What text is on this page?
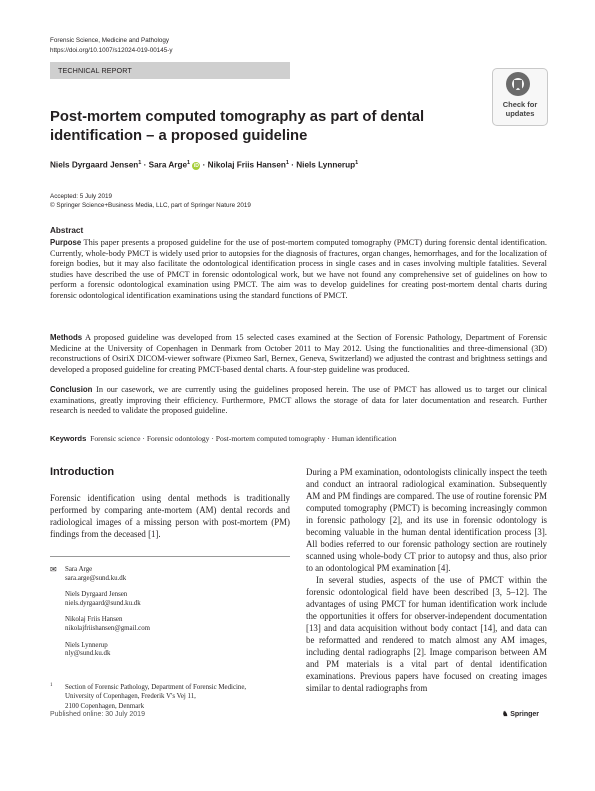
Forensic Science, Medicine and Pathology
https://doi.org/10.1007/s12024-019-00145-y
TECHNICAL REPORT
Check for
updates
Post-mortem computed tomography as part of dental identification – a proposed guideline
Niels Dyrgaard Jensen$^1$ · Sara Arge$^1$ iD · Nikolaj Friis Hansen$^1$ · Niels Lynnerup$^1$
Accepted: 5 July 2019
© Springer Science+Business Media, LLC, part of Springer Nature 2019
Abstract
Purpose This paper presents a proposed guideline for the use of post-mortem computed tomography (PMCT) during forensic dental identification. Currently, whole-body PMCT is widely used prior to autopsies for the diagnosis of fractures, organ changes, hemorrhages, and for the localization of foreign bodies, but it may also facilitate the odontological identification process in single cases and in cases involving multiple fatalities. Several studies have described the use of PMCT in forensic odontological work, but we have not found any comprehensive set of guidelines on how to perform a forensic odontological examination using PMCT. The aim was to develop guidelines for creating post-mortem dental charts during forensic odontological identification examinations using the standard functions of PMCT.
Methods A proposed guideline was developed from 15 selected cases examined at the Section of Forensic Pathology, Department of Forensic Medicine at the University of Copenhagen in Denmark from October 2011 to May 2012. Using the functionalities and three-dimensional (3D) reconstructions of OsiriX DICOM-viewer software (Pixmeo Sarl, Bernex, Geneva, Switzerland) we adjusted the contrast and brightness settings and developed a proposed guideline for creating PMCT-based dental charts. A four-step guideline was produced.
Conclusion In our casework, we are currently using the guidelines proposed herein. The use of PMCT has allowed us to target our clinical examinations, greatly improving their efficiency. Furthermore, PMCT allows the storage of data for later documentation and research. Further research is needed to validate the proposed guideline.
Keywords Forensic science · Forensic odontology · Post-mortem computed tomography · Human identification
Introduction
Forensic identification using dental methods is traditionally performed by comparing ante-mortem (AM) dental records and radiological images of a missing person with post-mortem (PM) findings from the deceased [1].
✉ Sara Arge
sara.arge@sund.ku.dk
Niels Dyrgaard Jensen
niels.dyrgaard@sund.ku.dk
Nikolaj Friis Hansen
nikolajfriishansen@gmail.com
Niels Lynnerup
nly@sund.ku.dk
1 Section of Forensic Pathology, Department of Forensic Medicine,
University of Copenhagen, Frederik V's Vej 11,
2100 Copenhagen, Denmark

During a PM examination, odontologists clinically inspect the teeth and conduct an intraoral radiological examination. Subsequently AM and PM findings are compared. The use of routine forensic PM computed tomography (PMCT) is becoming increasingly common in forensic pathology [2], and its use in forensic odontology is becoming valuable in the human dental identification process [3]. All bodies referred to our forensic pathology section are routinely scanned using whole-body CT prior to autopsy and thus, also prior to an odontological PM examination [4].

In several studies, aspects of the use of PMCT within the forensic odontological field have been described [3, 5–12]. The advantages of using PMCT for human identification work include the opportunities it offers for observer-independent documentation [13] and data acquisition without body contact [14], and data can be reformatted and rendered to match almost any AM images, including dental radiographs [2]. Image comparison between AM and PM materials is a vital part of dental identification examinations. Previous papers have focused on creating images similar to dental radiographs from

Published online: 30 July 2019	♞ Springer
